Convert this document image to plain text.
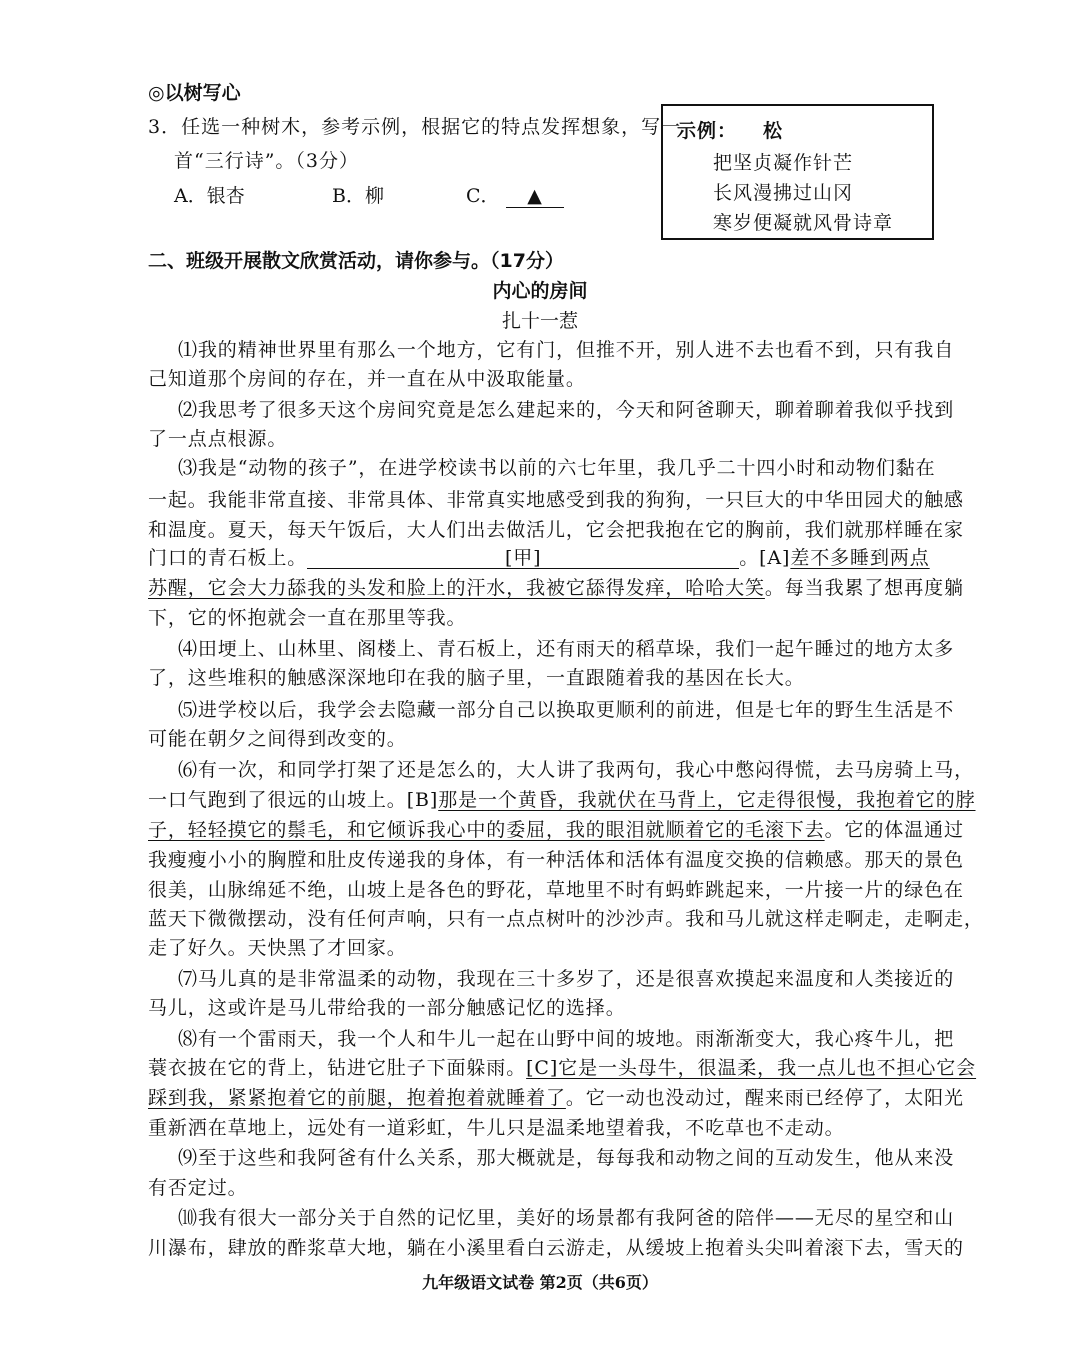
◎以树写心
3．任选一种树木，参考示例，根据它的特点发挥想象，写一
首“三行诗”。（3分）
A．银杏	B．柳	C． ▲
示例： 松
把坚贞凝作针芒
长风漫拂过山冈
寒岁便凝就风骨诗章
二、班级开展散文欣赏活动，请你参与。（17分）
内心的房间
扎十一惹
⑴我的精神世界里有那么一个地方，它有门，但推不开，别人进不去也看不到，只有我自
己知道那个房间的存在，并一直在从中汲取能量。
⑵我思考了很多天这个房间究竟是怎么建起来的，今天和阿爸聊天，聊着聊着我似乎找到
了一点点根源。
⑶我是“动物的孩子”，在进学校读书以前的六七年里，我几乎二十四小时和动物们黏在
一起。我能非常直接、非常具体、非常真实地感受到我的狗狗，一只巨大的中华田园犬的触感
和温度。夏天，每天午饭后，大人们出去做活儿，它会把我抱在它的胸前，我们就那样睡在家
门口的青石板上。	[甲]	。[A]差不多睡到两点
苏醒，它会大力舔我的头发和脸上的汗水，我被它舔得发痒，哈哈大笑。每当我累了想再度躺
下，它的怀抱就会一直在那里等我。
⑷田埂上、山林里、阁楼上、青石板上，还有雨天的稻草垛，我们一起午睡过的地方太多
了，这些堆积的触感深深地印在我的脑子里，一直跟随着我的基因在长大。
⑸进学校以后，我学会去隐藏一部分自己以换取更顺利的前进，但是七年的野生生活是不
可能在朝夕之间得到改变的。
⑹有一次，和同学打架了还是怎么的，大人讲了我两句，我心中憋闷得慌，去马房骑上马，
一口气跑到了很远的山坡上。[B]那是一个黄昏，我就伏在马背上，它走得很慢，我抱着它的脖
子，轻轻摸它的鬃毛，和它倾诉我心中的委屈，我的眼泪就顺着它的毛滚下去。它的体温通过
我瘦瘦小小的胸膛和肚皮传递我的身体，有一种活体和活体有温度交换的信赖感。那天的景色
很美，山脉绵延不绝，山坡上是各色的野花，草地里不时有蚂蚱跳起来，一片接一片的绿色在
蓝天下微微摆动，没有任何声响，只有一点点树叶的沙沙声。我和马儿就这样走啊走，走啊走，
走了好久。天快黑了才回家。
⑺马儿真的是非常温柔的动物，我现在三十多岁了，还是很喜欢摸起来温度和人类接近的
马儿，这或许是马儿带给我的一部分触感记忆的选择。
⑻有一个雷雨天，我一个人和牛儿一起在山野中间的坡地。雨渐渐变大，我心疼牛儿，把
蓑衣披在它的背上，钻进它肚子下面躲雨。[C]它是一头母牛，很温柔，我一点儿也不担心它会
踩到我，紧紧抱着它的前腿，抱着抱着就睡着了。它一动也没动过，醒来雨已经停了，太阳光
重新洒在草地上，远处有一道彩虹，牛儿只是温柔地望着我，不吃草也不走动。
⑼至于这些和我阿爸有什么关系，那大概就是，每每我和动物之间的互动发生，他从来没
有否定过。
⑽我有很大一部分关于自然的记忆里，美好的场景都有我阿爸的陪伴——无尽的星空和山
川瀑布，肆放的酢浆草大地，躺在小溪里看白云游走，从缓坡上抱着头尖叫着滚下去，雪天的
九年级语文试卷 第2页（共6页）
